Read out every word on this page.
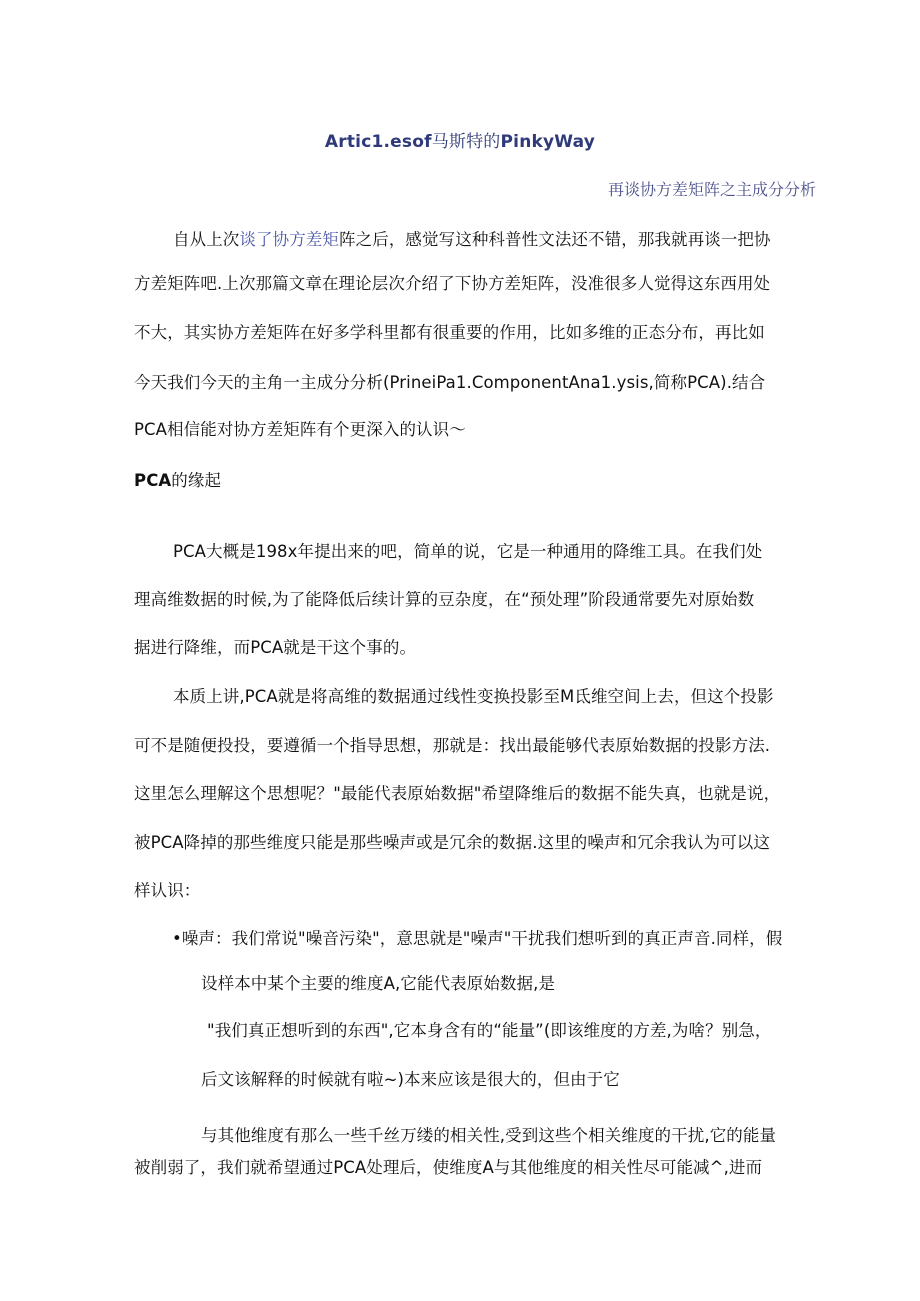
Artic1.esof马斯特的PinkyWay
再谈协方差矩阵之主成分分析
自从上次谈了协方差矩阵之后，感觉写这种科普性文法还不错，那我就再谈一把协
方差矩阵吧.上次那篇文章在理论层次介绍了下协方差矩阵，没准很多人觉得这东西用处
不大，其实协方差矩阵在好多学科里都有很重要的作用，比如多维的正态分布，再比如
今天我们今天的主角一主成分分析(PrineiPa1.ComponentAna1.ysis,简称PCA).结合
PCA相信能对协方差矩阵有个更深入的认识〜
PCA的缘起
PCA大概是198x年提出来的吧，简单的说，它是一种通用的降维工具。在我们处
理高维数据的时候,为了能降低后续计算的豆杂度，在“预处理”阶段通常要先对原始数
据进行降维，而PCA就是干这个事的。
本质上讲,PCA就是将高维的数据通过线性变换投影至M氐维空间上去，但这个投影
可不是随便投投，要遵循一个指导思想，那就是：找出最能够代表原始数据的投影方法.
这里怎么理解这个思想呢？"最能代表原始数据"希望降维后的数据不能失真，也就是说，
被PCA降掉的那些维度只能是那些噪声或是冗余的数据.这里的噪声和冗余我认为可以这
样认识：
•噪声：我们常说"噪音污染"，意思就是"噪声"干扰我们想听到的真正声音.同样，假
设样本中某个主要的维度A,它能代表原始数据,是
"我们真正想听到的东西",它本身含有的“能量”(即该维度的方差,为啥？别急，
后文该解释的时候就有啦~)本来应该是很大的，但由于它
与其他维度有那么一些千丝万缕的相关性,受到这些个相关维度的干扰,它的能量
被削弱了，我们就希望通过PCA处理后，使维度A与其他维度的相关性尽可能减^,进而
